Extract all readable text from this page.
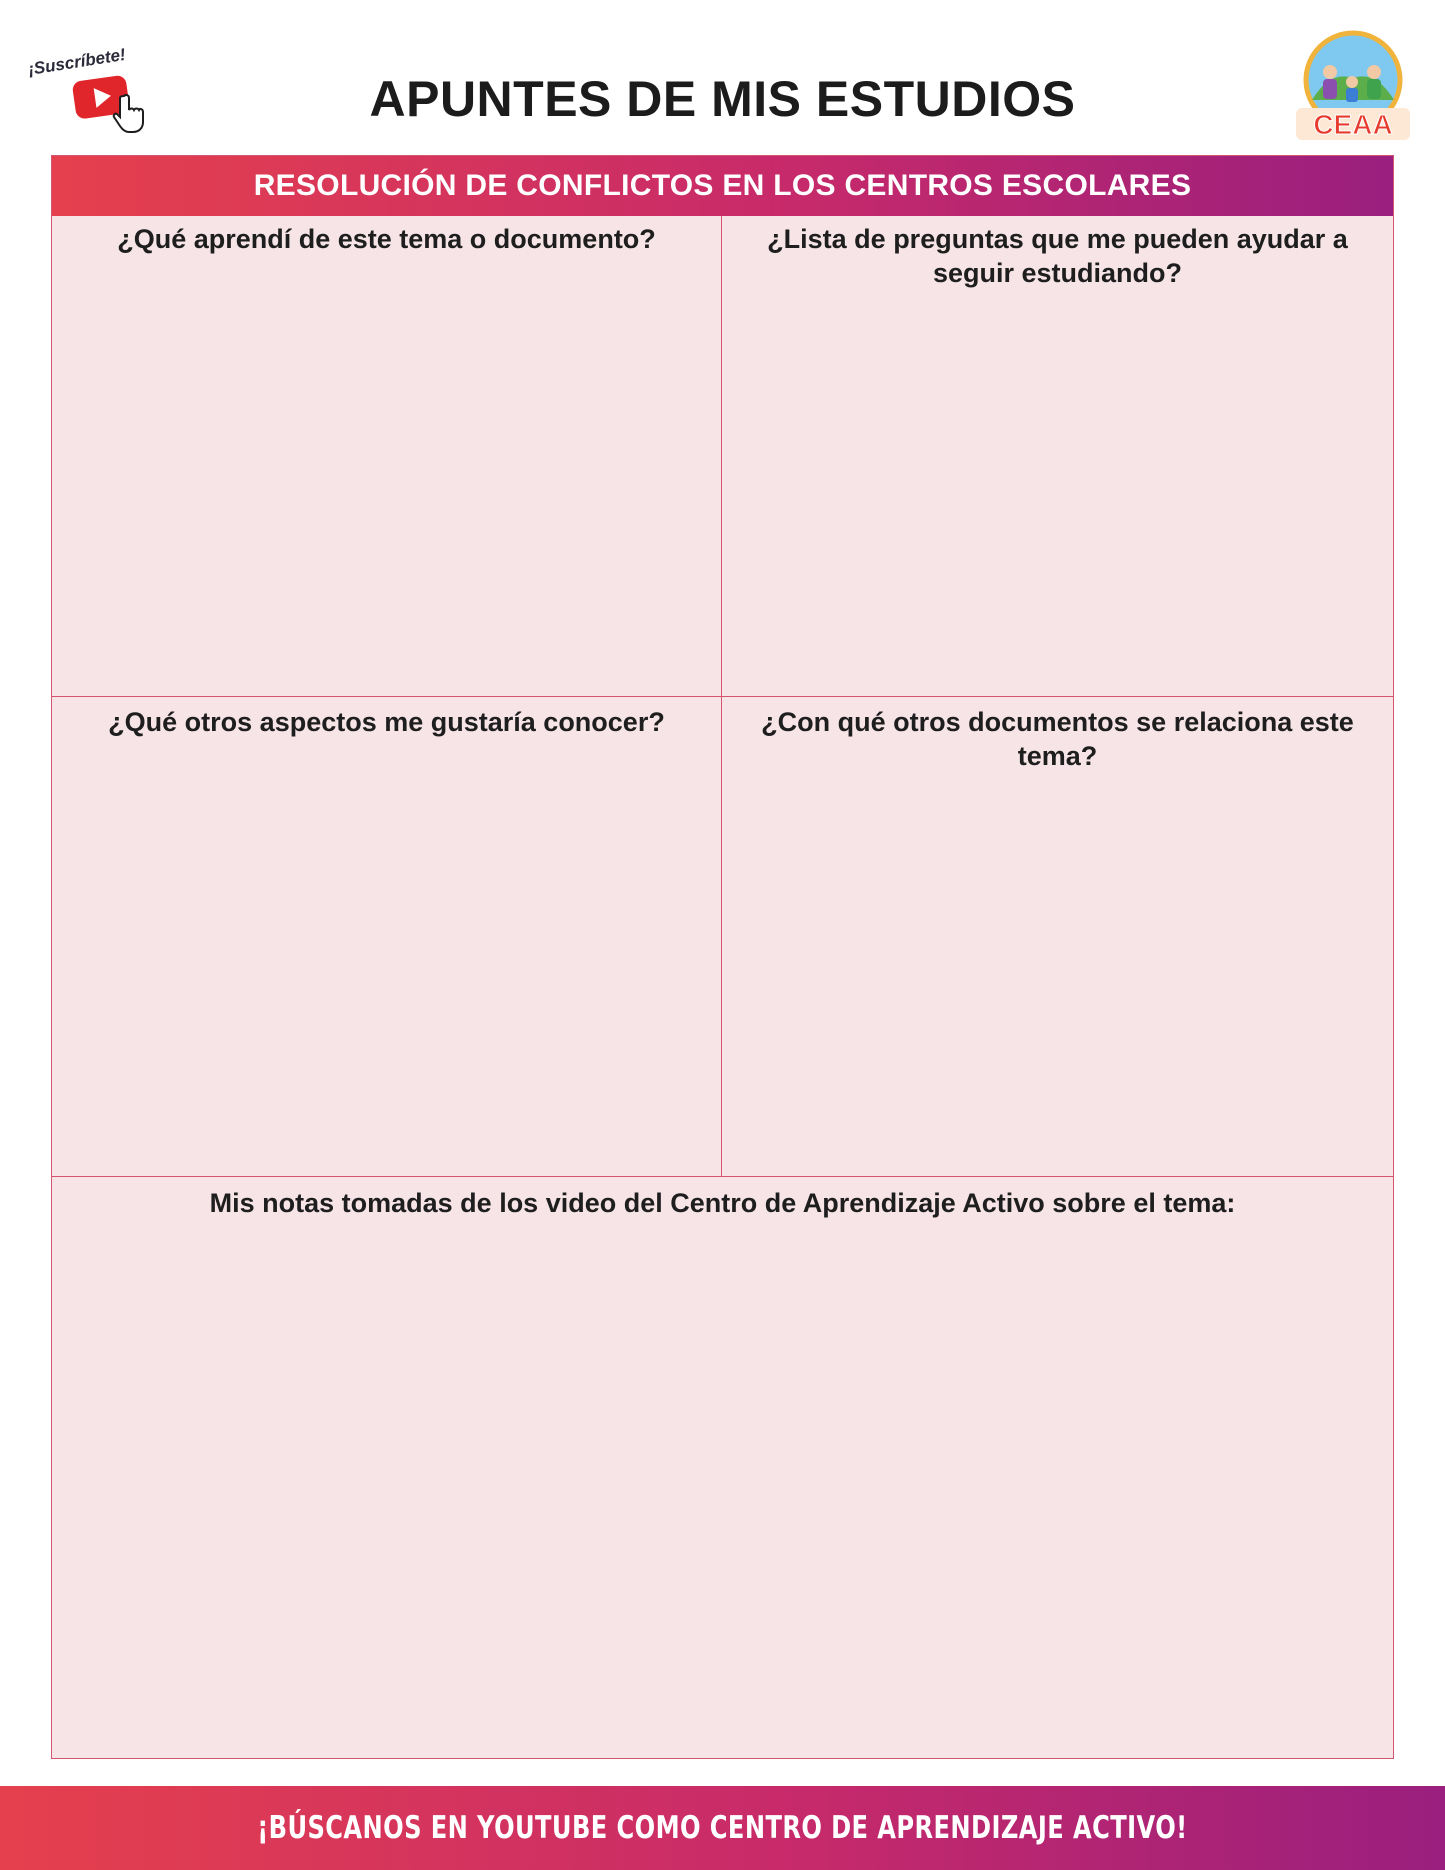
¡Suscríbete!
APUNTES DE MIS ESTUDIOS	CEAA
RESOLUCIÓN DE CONFLICTOS EN LOS CENTROS ESCOLARES
¿Qué aprendí de este tema o documento?	¿Lista de preguntas que me pueden ayudar a seguir estudiando?
¿Qué otros aspectos me gustaría conocer?	¿Con qué otros documentos se relaciona este tema?
Mis notas tomadas de los video del Centro de Aprendizaje Activo sobre el tema:
¡BÚSCANOS EN YOUTUBE COMO CENTRO DE APRENDIZAJE ACTIVO!
